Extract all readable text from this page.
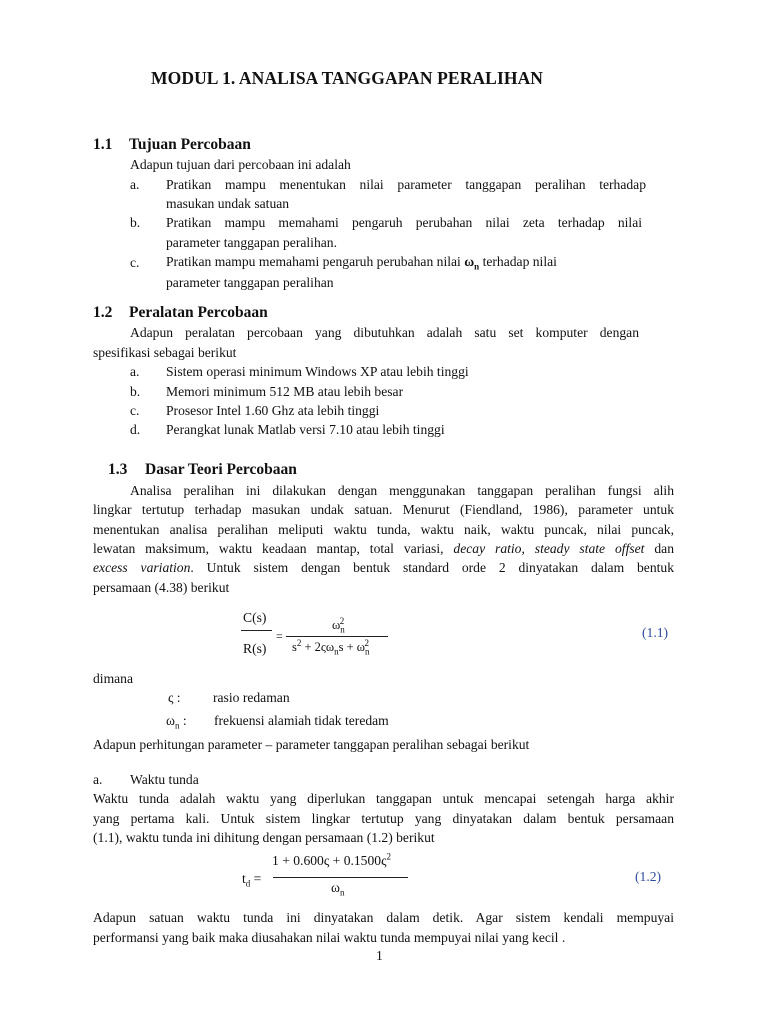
MODUL 1. ANALISA TANGGAPAN PERALIHAN
1.1 Tujuan Percobaan
Adapun tujuan dari percobaan ini adalah
a. Pratikan mampu menentukan nilai parameter tanggapan peralihan terhadap
masukan undak satuan
b. Pratikan mampu memahami pengaruh perubahan nilai zeta terhadap nilai
parameter tanggapan peralihan.
c. Pratikan mampu memahami pengaruh perubahan nilai $\omega_n$ terhadap nilai
parameter tanggapan peralihan
1.2 Peralatan Percobaan
Adapun peralatan percobaan yang dibutuhkan adalah satu set komputer dengan
spesifikasi sebagai berikut
a. Sistem operasi minimum Windows XP atau lebih tinggi
b. Memori minimum 512 MB atau lebih besar
c. Prosesor Intel 1.60 Ghz ata lebih tinggi
d. Perangkat lunak Matlab versi 7.10 atau lebih tinggi
1.3 Dasar Teori Percobaan
Analisa peralihan ini dilakukan dengan menggunakan tanggapan peralihan fungsi alih
lingkar tertutup terhadap masukan undak satuan. Menurut (Fiendland, 1986), parameter untuk
menentukan analisa peralihan meliputi waktu tunda, waktu naik, waktu puncak, nilai puncak,
lewatan maksimum, waktu keadaan mantap, total variasi, decay ratio, steady state offset dan
excess variation. Untuk sistem dengan bentuk standard orde 2 dinyatakan dalam bentuk
persamaan (4.38) berikut
C(s)
R(s)
=
$\omega_n^2$
$s^2 + 2\varsigma\omega_ns + \omega_n^2$
(1.1)
dimana
ς : rasio redaman
$\omega_n$ : frekuensi alamiah tidak teredam
Adapun perhitungan parameter – parameter tanggapan peralihan sebagai berikut
a. Waktu tunda
Waktu tunda adalah waktu yang diperlukan tanggapan untuk mencapai setengah harga akhir
yang pertama kali. Untuk sistem lingkar tertutup yang dinyatakan dalam bentuk persamaan
(1.1), waktu tunda ini dihitung dengan persamaan (1.2) berikut
$1 + 0.600\varsigma + 0.1500\varsigma^2$
$t_d$ =
$\omega_n$
(1.2)
Adapun satuan waktu tunda ini dinyatakan dalam detik. Agar sistem kendali mempuyai
performansi yang baik maka diusahakan nilai waktu tunda mempuyai nilai yang kecil .
1
